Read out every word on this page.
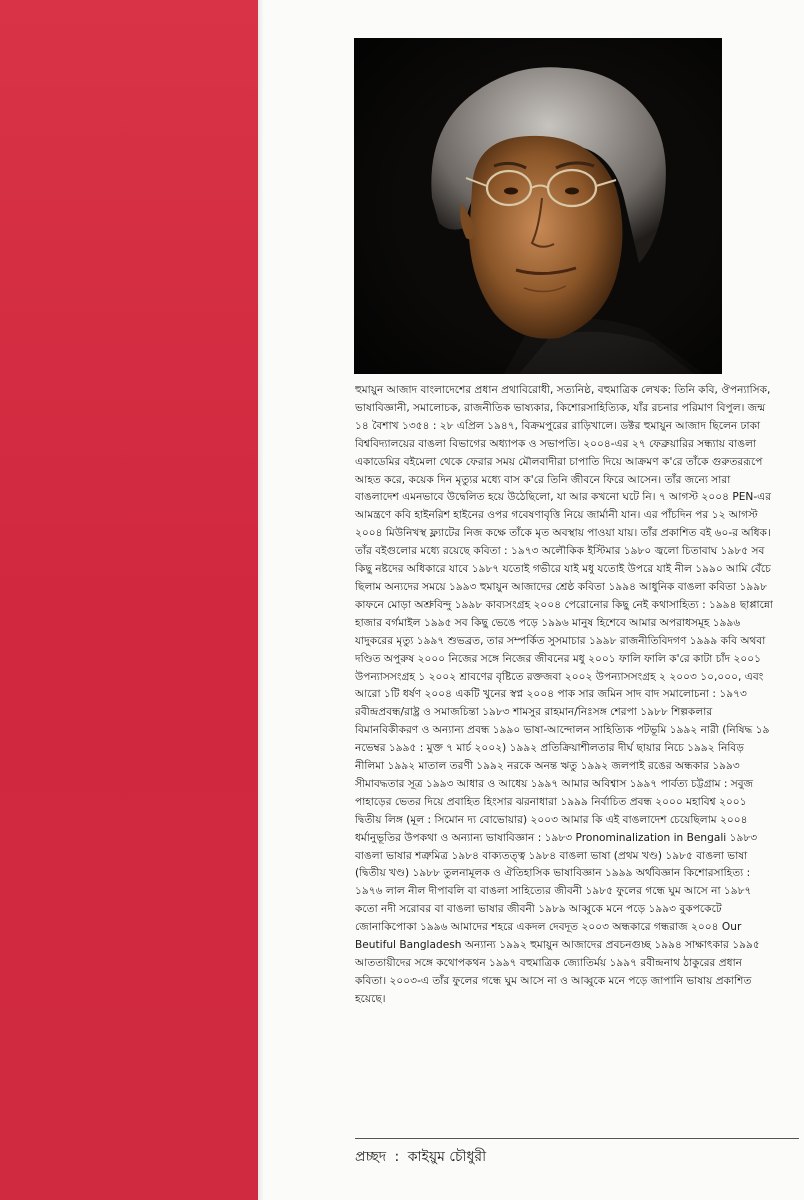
হুমায়ুন আজাদ বাংলাদেশের প্রধান প্রথাবিরোধী, সত্যনিষ্ঠ, বহুমাত্রিক লেখক: তিনি কবি, ঔপন্যাসিক, ভাষাবিজ্ঞানী, সমালোচক, রাজনীতিক ভাষ্যকার, কিশোরসাহিত্যিক, যাঁর রচনার পরিমাণ বিপুল। জন্ম ১৪ বৈশাখ ১৩৫৪ : ২৮ এপ্রিল ১৯৪৭, বিক্রমপুরের রাড়িখালে। ডক্টর হুমায়ুন আজাদ ছিলেন ঢাকা বিশ্ববিদ্যালয়ের বাঙলা বিভাগের অধ্যাপক ও সভাপতি। ২০০৪-এর ২৭ ফেব্রুয়ারির সন্ধ্যায় বাঙলা একাডেমির বইমেলা থেকে ফেরার সময় মৌলবাদীরা চাপাতি দিয়ে আক্রমণ ক'রে তাঁকে গুরুতররূপে আহত করে, কয়েক দিন মৃত্যুর মধ্যে বাস ক'রে তিনি জীবনে ফিরে আসেন। তাঁর জন্যে সারা বাঙলাদেশ এমনভাবে উদ্বেলিত হয়ে উঠেছিলো, যা আর কখনো ঘটে নি। ৭ আগস্ট ২০০৪ PEN-এর আমন্ত্রণে কবি হাইনরিশ হাইনের ওপর গবেষণাবৃত্তি নিয়ে জার্মানী যান। এর পাঁচদিন পর ১২ আগস্ট ২০০৪ মিউনিখস্থ ফ্ল্যাটের নিজ কক্ষে তাঁকে মৃত অবস্থায় পাওয়া যায়। তাঁর প্রকাশিত বই ৬০-র অধিক। তাঁর বইগুলোর মধ্যে রয়েছে কবিতা : ১৯৭৩ অলৌকিক ইস্টিমার ১৯৮০ জ্বলো চিতাবাঘ ১৯৮৫ সব কিছু নষ্টদের অধিকারে যাবে ১৯৮৭ যতোই গভীরে যাই মধু যতোই উপরে যাই নীল ১৯৯০ আমি বেঁচে ছিলাম অন্যদের সময়ে ১৯৯৩ হুমায়ুন আজাদের শ্রেষ্ঠ কবিতা ১৯৯৪ আধুনিক বাঙলা কবিতা ১৯৯৮ কাফনে মোড়া অশ্রুবিন্দু ১৯৯৮ কাব্যসংগ্রহ ২০০৪ পেরোনোর কিছু নেই কথাসাহিত্য : ১৯৯৪ ছাপ্পান্নো হাজার বর্গমাইল ১৯৯৫ সব কিছু ভেঙে পড়ে ১৯৯৬ মানুষ হিশেবে আমার অপরাধসমূহ ১৯৯৬ যাদুকরের মৃত্যু ১৯৯৭ শুভব্রত, তার সম্পর্কিত সুসমাচার ১৯৯৮ রাজনীতিবিদগণ ১৯৯৯ কবি অথবা দণ্ডিত অপুরুষ ২০০০ নিজের সঙ্গে নিজের জীবনের মধু ২০০১ ফালি ফালি ক'রে কাটা চাঁদ ২০০১ উপন্যাসসংগ্রহ ১ ২০০২ শ্রাবণের বৃষ্টিতে রক্তজবা ২০০২ উপন্যাসসংগ্রহ ২ ২০০৩ ১০,০০০, এবং আরো ১টি ধর্ষণ ২০০৪ একটি খুনের স্বপ্ন ২০০৪ পাক সার জমিন সাদ বাদ সমালোচনা : ১৯৭৩ রবীন্দ্রপ্রবন্ধ/রাষ্ট্র ও সমাজচিন্তা ১৯৮৩ শামসুর রাহমান/নিঃসঙ্গ শেরপা ১৯৮৮ শিল্পকলার বিমানবিকীকরণ ও অন্যান্য প্রবন্ধ ১৯৯০ ভাষা-আন্দোলন সাহিত্যিক পটভূমি ১৯৯২ নারী (নিষিদ্ধ ১৯ নভেম্বর ১৯৯৫ : মুক্ত ৭ মার্চ ২০০২) ১৯৯২ প্রতিক্রিয়াশীলতার দীর্ঘ ছায়ার নিচে ১৯৯২ নিবিড় নীলিমা ১৯৯২ মাতাল তরণী ১৯৯২ নরকে অনন্ত ঋতু ১৯৯২ জলপাই রঙের অন্ধকার ১৯৯৩ সীমাবদ্ধতার সূত্র ১৯৯৩ আধার ও আধেয় ১৯৯৭ আমার অবিশ্বাস ১৯৯৭ পার্বত্য চট্টগ্রাম : সবুজ পাহাড়ের ভেতর দিয়ে প্রবাহিত হিংসার ঝরনাধারা ১৯৯৯ নির্বাচিত প্রবন্ধ ২০০০ মহাবিশ্ব ২০০১ দ্বিতীয় লিঙ্গ (মূল : সিমোন দ্য বোভোয়ার) ২০০৩ আমার কি এই বাঙলাদেশ চেয়েছিলাম ২০০৪ ধর্মানুভূতির উপকথা ও অন্যান্য ভাষাবিজ্ঞান : ১৯৮৩ Pronominalization in Bengali ১৯৮৩ বাঙলা ভাষার শত্রুমিত্র ১৯৮৪ বাক্যতত্ত্ব ১৯৮৪ বাঙলা ভাষা (প্রথম খণ্ড) ১৯৮৫ বাঙলা ভাষা (দ্বিতীয় খণ্ড) ১৯৮৮ তুলনামূলক ও ঐতিহাসিক ভাষাবিজ্ঞান ১৯৯৯ অর্থবিজ্ঞান কিশোরসাহিত্য : ১৯৭৬ লাল নীল দীপাবলি বা বাঙলা সাহিত্যের জীবনী ১৯৮৫ ফুলের গন্ধে ঘুম আসে না ১৯৮৭ কতো নদী সরোবর বা বাঙলা ভাষার জীবনী ১৯৮৯ আব্বুকে মনে পড়ে ১৯৯৩ বুকপকেটে জোনাকিপোকা ১৯৯৬ আমাদের শহরে একদল দেবদূত ২০০৩ অন্ধকারে গন্ধরাজ ২০০৪ Our Beutiful Bangladesh অন্যান্য ১৯৯২ হুমায়ুন আজাদের প্রবচনগুচ্ছ ১৯৯৪ সাক্ষাৎকার ১৯৯৫ আততায়ীদের সঙ্গে কথোপকথন ১৯৯৭ বহুমাত্রিক জ্যোতির্ময় ১৯৯৭ রবীন্দ্রনাথ ঠাকুরের প্রধান কবিতা। ২০০৩-এ তাঁর ফুলের গন্ধে ঘুম আসে না ও আব্বুকে মনে পড়ে জাপানি ভাষায় প্রকাশিত হয়েছে।

প্রচ্ছদ : কাইয়ুম চৌধুরী
